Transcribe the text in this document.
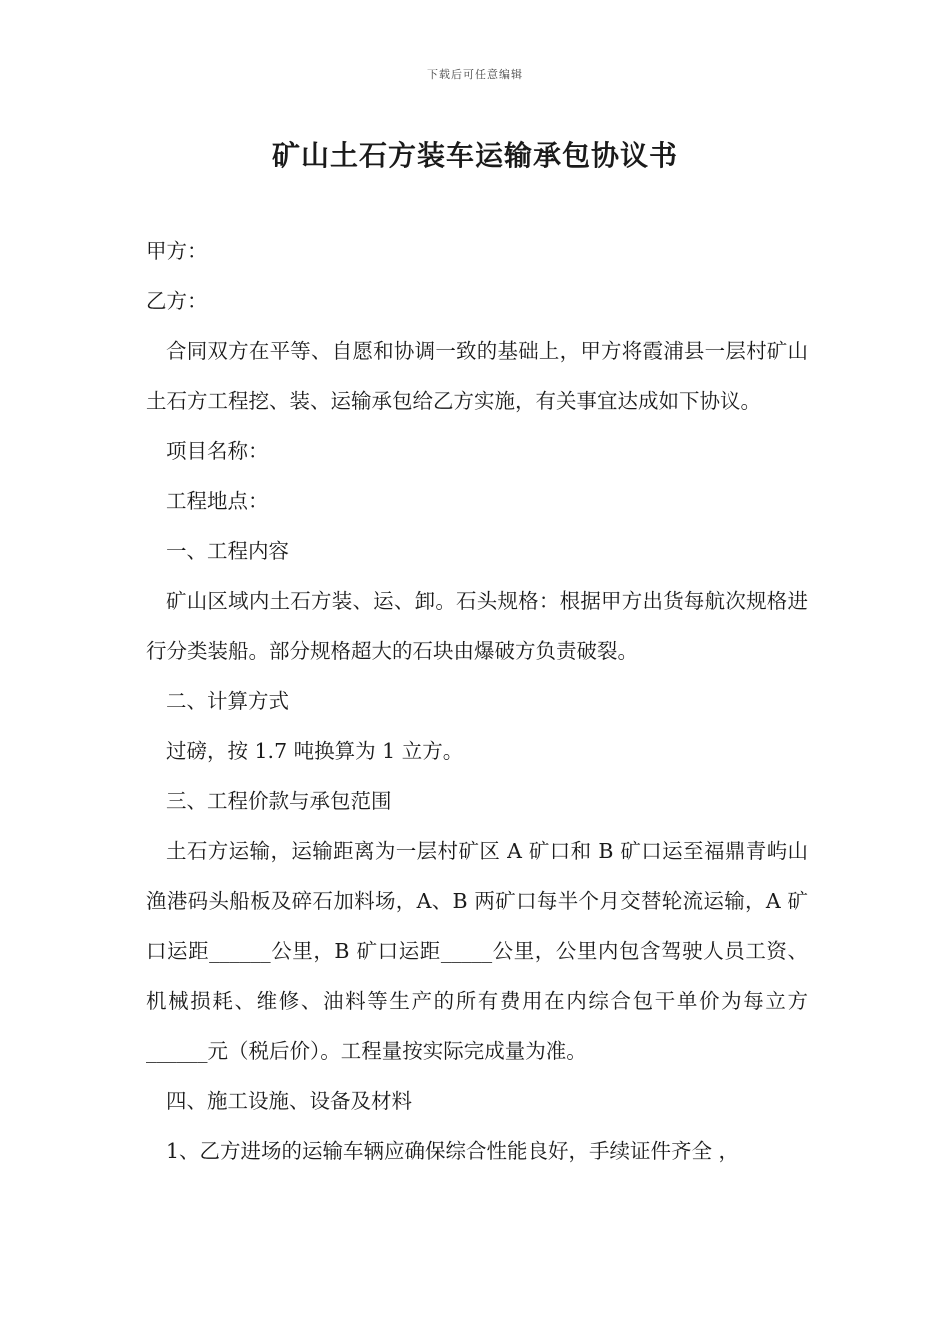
下载后可任意编辑
矿山土石方装车运输承包协议书

甲方：

乙方：

合同双方在平等、自愿和协调一致的基础上，甲方将霞浦县一层村矿山土石方工程挖、装、运输承包给乙方实施，有关事宜达成如下协议。

项目名称：

工程地点：

一、工程内容

矿山区域内土石方装、运、卸。石头规格：根据甲方出货每航次规格进行分类装船。部分规格超大的石块由爆破方负责破裂。

二、计算方式

过磅，按 1.7 吨换算为 1 立方。

三、工程价款与承包范围

土石方运输，运输距离为一层村矿区 A 矿口和 B 矿口运至福鼎青屿山渔港码头船板及碎石加料场，A、B 两矿口每半个月交替轮流运输，A 矿口运距______公里，B 矿口运距_____公里，公里内包含驾驶人员工资、机械损耗、维修、油料等生产的所有费用在内综合包干单价为每立方______元（税后价）。工程量按实际完成量为准。

四、施工设施、设备及材料

1、乙方进场的运输车辆应确保综合性能良好，手续证件齐全 ，
